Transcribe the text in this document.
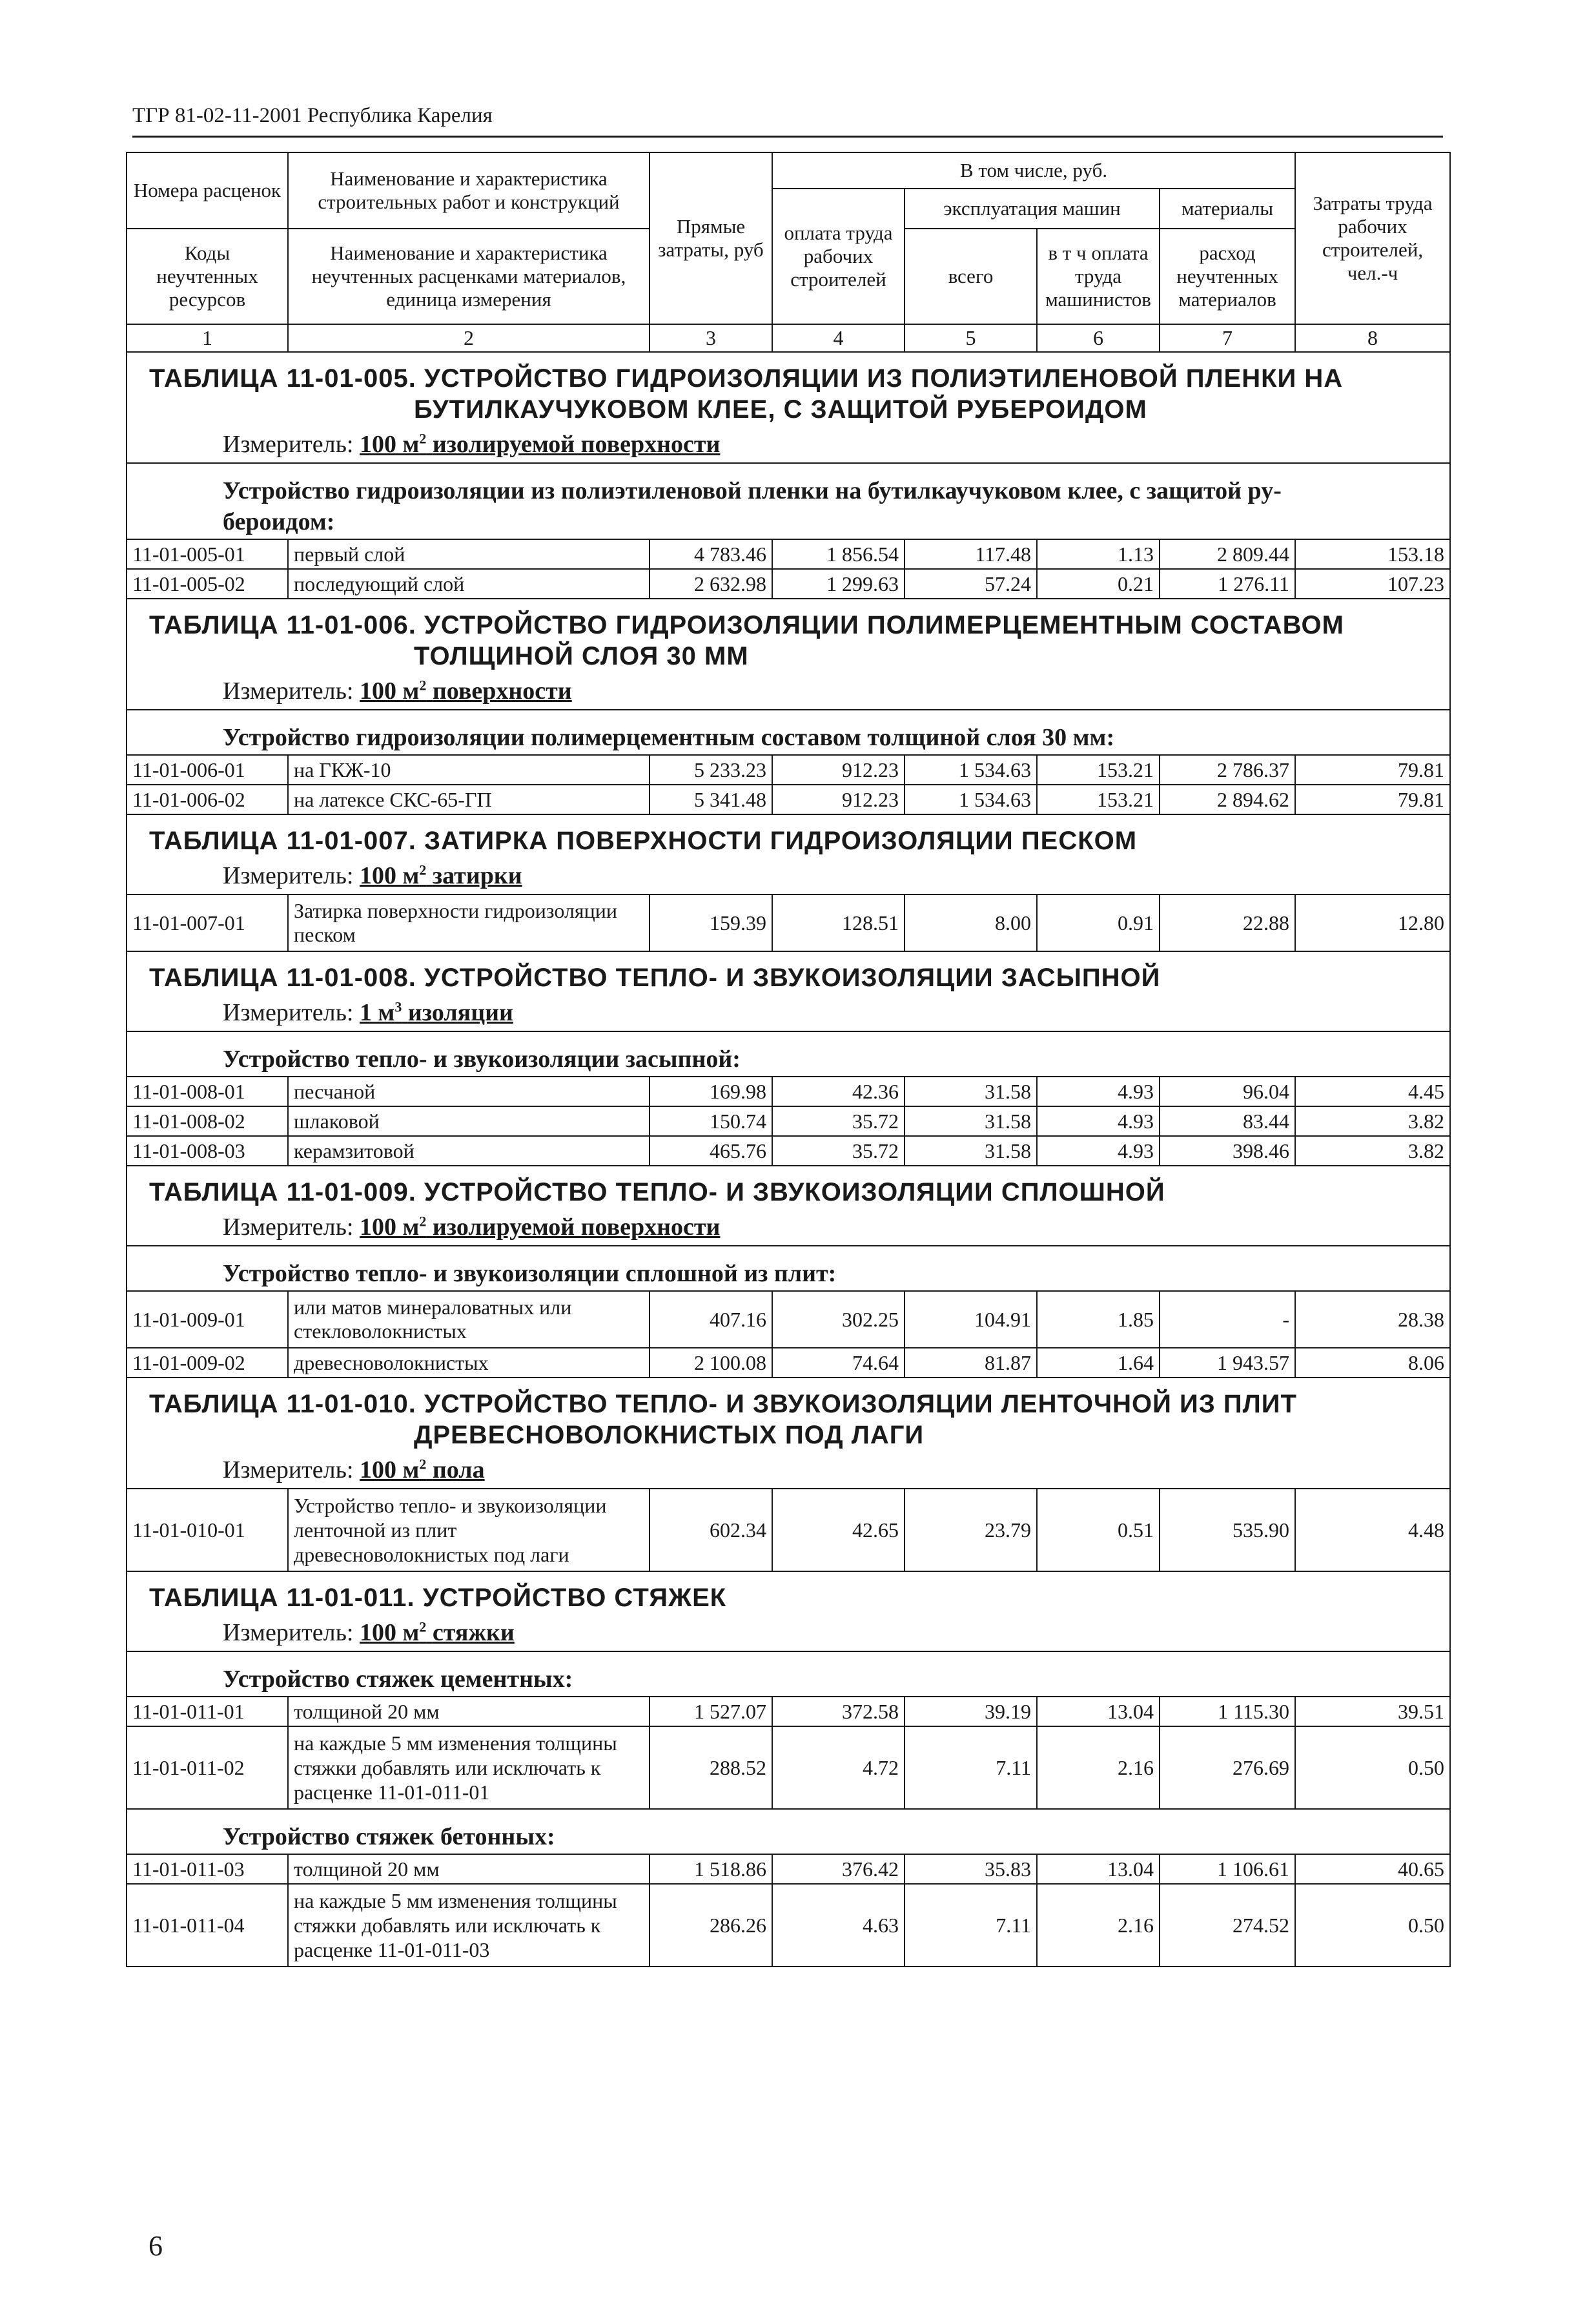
ТГР 81-02-11-2001 Республика Карелия
Номера расценок	Наименование и характеристика строительных работ и конструкций	Прямые затраты, руб	В том числе, руб.				Затраты труда рабочих строителей, чел.-ч
			оплата труда рабочих строителей	эксплуатация машин		материалы	
Коды неучтенных ресурсов	Наименование и характеристика неучтенных расценками материалов, единица измерения			всего	в т ч оплата труда машинистов	расход неучтенных материалов	

1	2	3	4	5	6	7	8
ТАБЛИЦА 11-01-005. УСТРОЙСТВО ГИДРОИЗОЛЯЦИИ ИЗ ПОЛИЭТИЛЕНОВОЙ ПЛЕНКИ НА
БУТИЛКАУЧУКОВОМ КЛЕЕ, С ЗАЩИТОЙ РУБЕРОИДОМ							

Измеритель: 100 $м^2$ изолируемой поверхности							
Устройство гидроизоляции из полиэтиленовой пленки на бутилкаучуковом клее, с защитой ру-
бероидом:							

11-01-005-01	первый слой	4 783.46	1 856.54	117.48	1.13	2 809.44	153.18
11-01-005-02	последующий слой	2 632.98	1 299.63	57.24	0.21	1 276.11	107.23
ТАБЛИЦА 11-01-006. УСТРОЙСТВО ГИДРОИЗОЛЯЦИИ ПОЛИМЕРЦЕМЕНТНЫМ СОСТАВОМ
ТОЛЩИНОЙ СЛОЯ 30 ММ							

Измеритель: 100 $м^2$ поверхности							
Устройство гидроизоляции полимерцементным составом толщиной слоя 30 мм:							
11-01-006-01	на ГКЖ-10	5 233.23	912.23	1 534.63	153.21	2 786.37	79.81
11-01-006-02	на латексе СКС-65-ГП	5 341.48	912.23	1 534.63	153.21	2 894.62	79.81
ТАБЛИЦА 11-01-007. ЗАТИРКА ПОВЕРХНОСТИ ГИДРОИЗОЛЯЦИИ ПЕСКОМ							
Измеритель: 100 $м^2$ затирки							
11-01-007-01	Затирка поверхности гидроизоляции песком	159.39	128.51	8.00	0.91	22.88	12.80
ТАБЛИЦА 11-01-008. УСТРОЙСТВО ТЕПЛО- И ЗВУКОИЗОЛЯЦИИ ЗАСЫПНОЙ							
Измеритель: 1 $м^3$ изоляции							
Устройство тепло- и звукоизоляции засыпной:							
11-01-008-01	песчаной	169.98	42.36	31.58	4.93	96.04	4.45
11-01-008-02	шлаковой	150.74	35.72	31.58	4.93	83.44	3.82
11-01-008-03	керамзитовой	465.76	35.72	31.58	4.93	398.46	3.82
ТАБЛИЦА 11-01-009. УСТРОЙСТВО ТЕПЛО- И ЗВУКОИЗОЛЯЦИИ СПЛОШНОЙ							
Измеритель: 100 $м^2$ изолируемой поверхности							
Устройство тепло- и звукоизоляции сплошной из плит:							
11-01-009-01	или матов минераловатных или стекловолокнистых	407.16	302.25	104.91	1.85	-	28.38
11-01-009-02	древесноволокнистых	2 100.08	74.64	81.87	1.64	1 943.57	8.06
ТАБЛИЦА 11-01-010. УСТРОЙСТВО ТЕПЛО- И ЗВУКОИЗОЛЯЦИИ ЛЕНТОЧНОЙ ИЗ ПЛИТ
ДРЕВЕСНОВОЛОКНИСТЫХ ПОД ЛАГИ							

Измеритель: 100 $м^2$ пола							
11-01-010-01	Устройство тепло- и звукоизоляции ленточной из плит древесноволокнистых под лаги	602.34	42.65	23.79	0.51	535.90	4.48
ТАБЛИЦА 11-01-011. УСТРОЙСТВО СТЯЖЕК							
Измеритель: 100 $м^2$ стяжки							
Устройство стяжек цементных:							
11-01-011-01	толщиной 20 мм	1 527.07	372.58	39.19	13.04	1 115.30	39.51
11-01-011-02	на каждые 5 мм изменения толщины стяжки добавлять или исключать к расценке 11-01-011-01	288.52	4.72	7.11	2.16	276.69	0.50
Устройство стяжек бетонных:							
11-01-011-03	толщиной 20 мм	1 518.86	376.42	35.83	13.04	1 106.61	40.65
11-01-011-04	на каждые 5 мм изменения толщины стяжки добавлять или исключать к расценке 11-01-011-03	286.26	4.63	7.11	2.16	274.52	0.50
6
